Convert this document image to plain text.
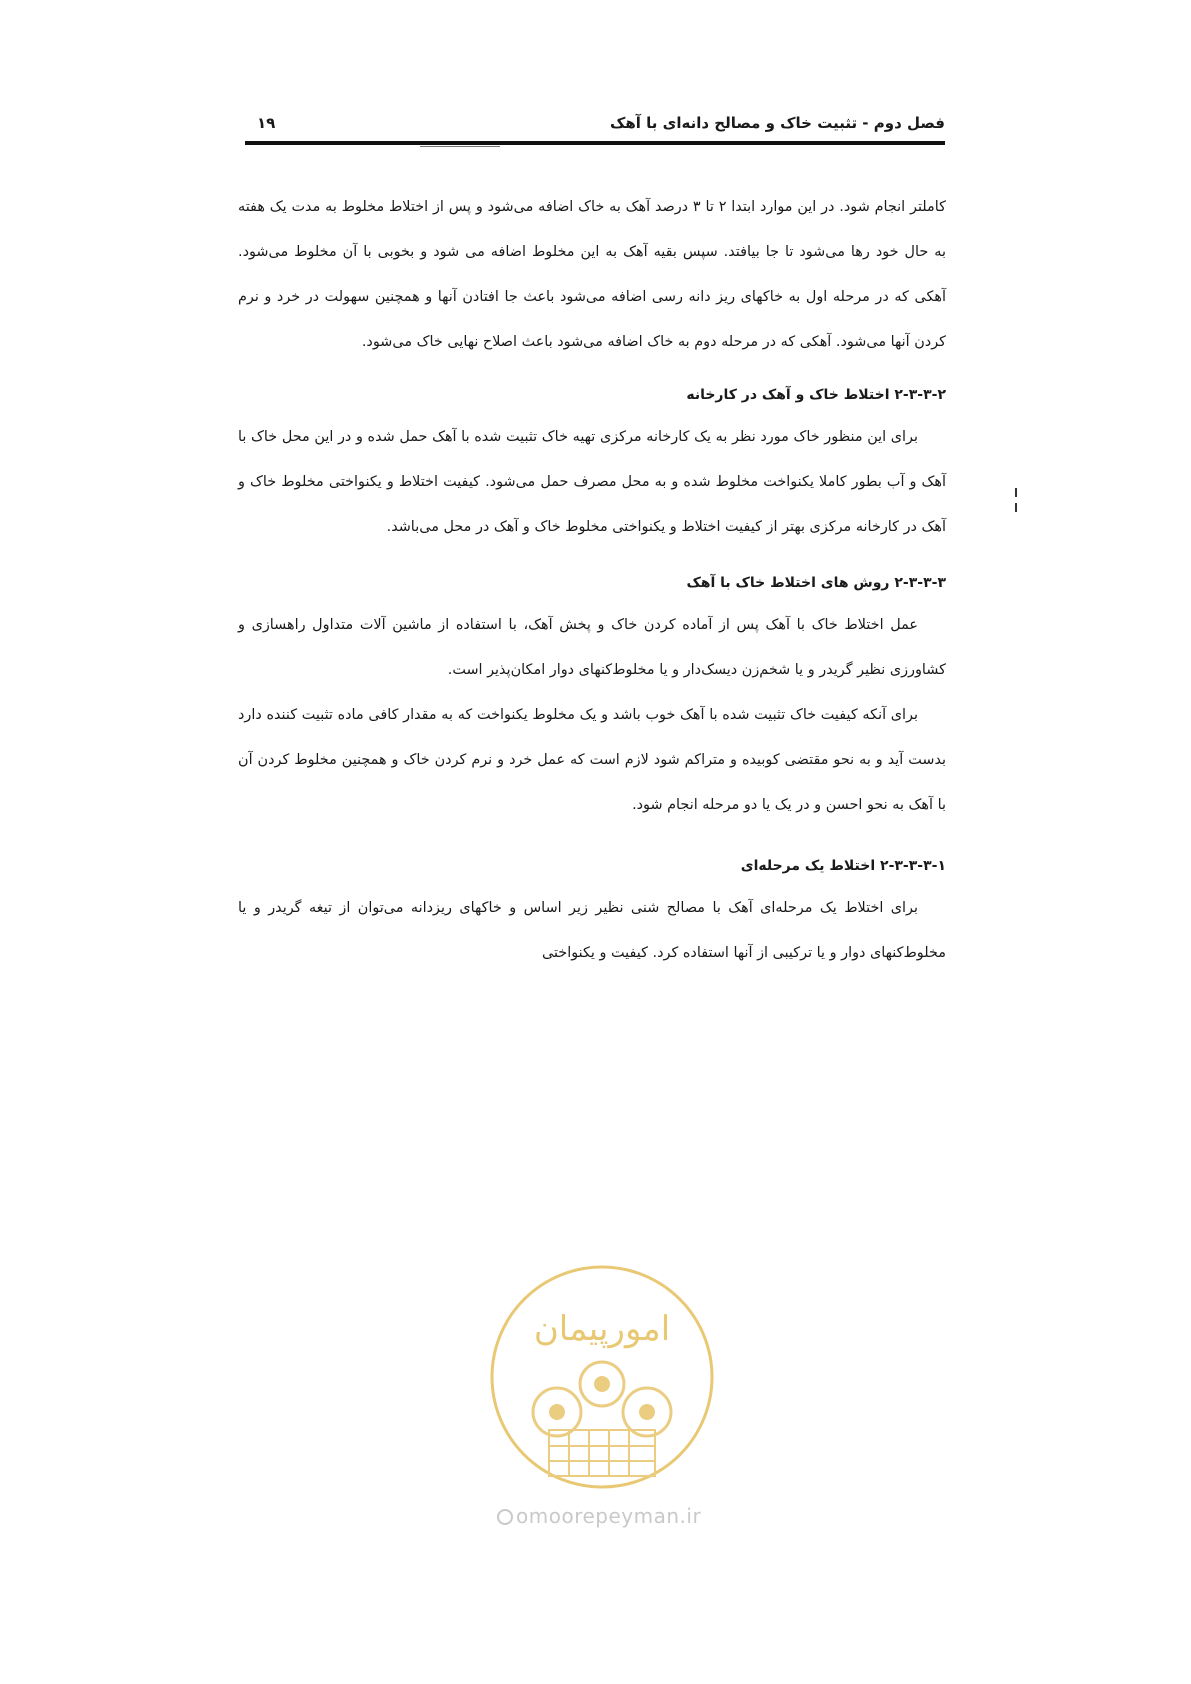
فصل دوم - تثبیت خاک و مصالح دانه‌ای با آهک
۱۹

کاملتر انجام شود. در این موارد ابتدا ۲ تا ۳ درصد آهک به خاک اضافه می‌شود و پس از اختلاط مخلوط به مدت یک هفته به حال خود رها می‌شود تا جا بیافتد. سپس بقیه آهک به این مخلوط اضافه می شود و بخوبی با آن مخلوط می‌شود. آهکی که در مرحله اول به خاکهای ریز دانه رسی اضافه می‌شود باعث جا افتادن آنها و همچنین سهولت در خرد و نرم کردن آنها می‌شود. آهکی که در مرحله دوم به خاک اضافه می‌شود باعث اصلاح نهایی خاک می‌شود.

۲-۳-۳-۲ اختلاط خاک و آهک در کارخانه

برای این منظور خاک مورد نظر به یک کارخانه مرکزی تهیه خاک تثبیت شده با آهک حمل شده و در این محل خاک با آهک و آب بطور کاملا یکنواخت مخلوط شده و به محل مصرف حمل می‌شود. کیفیت اختلاط و یکنواختی مخلوط خاک و آهک در کارخانه مرکزی بهتر از کیفیت اختلاط و یکنواختی مخلوط خاک و آهک در محل می‌باشد.

۲-۳-۳-۳ روش های اختلاط خاک با آهک

عمل اختلاط خاک با آهک پس از آماده کردن خاک و پخش آهک، با استفاده از ماشین آلات متداول راهسازی و کشاورزی نظیر گریدر و یا شخم‌زن دیسک‌دار و یا مخلوط‌کنهای دوار امکان‌پذیر است.

برای آنکه کیفیت خاک تثبیت شده با آهک خوب باشد و یک مخلوط یکنواخت که به مقدار کافی ماده تثبیت کننده دارد بدست آید و به نحو مقتضی کوبیده و متراکم شود لازم است که عمل خرد و نرم کردن خاک و همچنین مخلوط کردن آن با آهک به نحو احسن و در یک یا دو مرحله انجام شود.

۲-۳-۳-۳-۱ اختلاط یک مرحله‌ای

برای اختلاط یک مرحله‌ای آهک با مصالح شنی نظیر زیر اساس و خاکهای ریزدانه می‌توان از تیغه گریدر و یا مخلوط‌کنهای دوار و یا ترکیبی از آنها استفاده کرد. کیفیت و یکنواختی

امورپیمان
omoorepeyman.ir
